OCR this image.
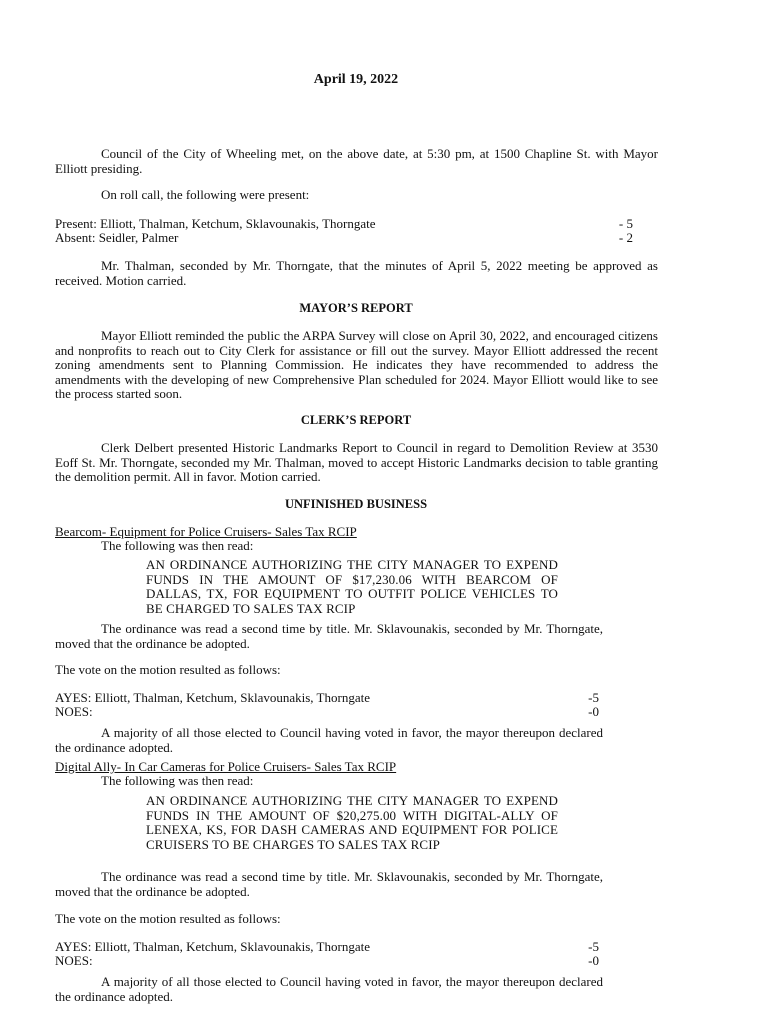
April 19, 2022

Council of the City of Wheeling met, on the above date, at 5:30 pm, at 1500 Chapline St. with Mayor Elliott presiding.

On roll call, the following were present:

Present: Elliott, Thalman, Ketchum, Sklavounakis, Thorngate	- 5
Absent: Seidler, Palmer	- 2

Mr. Thalman, seconded by Mr. Thorngate, that the minutes of April 5, 2022 meeting be approved as received. Motion carried.

MAYOR’S REPORT

Mayor Elliott reminded the public the ARPA Survey will close on April 30, 2022, and encouraged citizens and nonprofits to reach out to City Clerk for assistance or fill out the survey. Mayor Elliott addressed the recent zoning amendments sent to Planning Commission. He indicates they have recommended to address the amendments with the developing of new Comprehensive Plan scheduled for 2024. Mayor Elliott would like to see the process started soon.

CLERK’S REPORT

Clerk Delbert presented Historic Landmarks Report to Council in regard to Demolition Review at 3530 Eoff St. Mr. Thorngate, seconded my Mr. Thalman, moved to accept Historic Landmarks decision to table granting the demolition permit. All in favor. Motion carried.

UNFINISHED BUSINESS

Bearcom- Equipment for Police Cruisers- Sales Tax RCIP

The following was then read:

AN ORDINANCE AUTHORIZING THE CITY MANAGER TO EXPEND FUNDS IN THE AMOUNT OF $17,230.06 WITH BEARCOM OF DALLAS, TX, FOR EQUIPMENT TO OUTFIT POLICE VEHICLES TO BE CHARGED TO SALES TAX RCIP

The ordinance was read a second time by title. Mr. Sklavounakis, seconded by Mr. Thorngate, moved that the ordinance be adopted.

The vote on the motion resulted as follows:

AYES: Elliott, Thalman, Ketchum, Sklavounakis, Thorngate	-5
NOES:	-0

A majority of all those elected to Council having voted in favor, the mayor thereupon declared the ordinance adopted.

Digital Ally- In Car Cameras for Police Cruisers- Sales Tax RCIP

The following was then read:

AN ORDINANCE AUTHORIZING THE CITY MANAGER TO EXPEND FUNDS IN THE AMOUNT OF $20,275.00 WITH DIGITAL-ALLY OF LENEXA, KS, FOR DASH CAMERAS AND EQUIPMENT FOR POLICE CRUISERS TO BE CHARGES TO SALES TAX RCIP

The ordinance was read a second time by title. Mr. Sklavounakis, seconded by Mr. Thorngate, moved that the ordinance be adopted.

The vote on the motion resulted as follows:

AYES: Elliott, Thalman, Ketchum, Sklavounakis, Thorngate	-5
NOES:	-0

A majority of all those elected to Council having voted in favor, the mayor thereupon declared the ordinance adopted.
